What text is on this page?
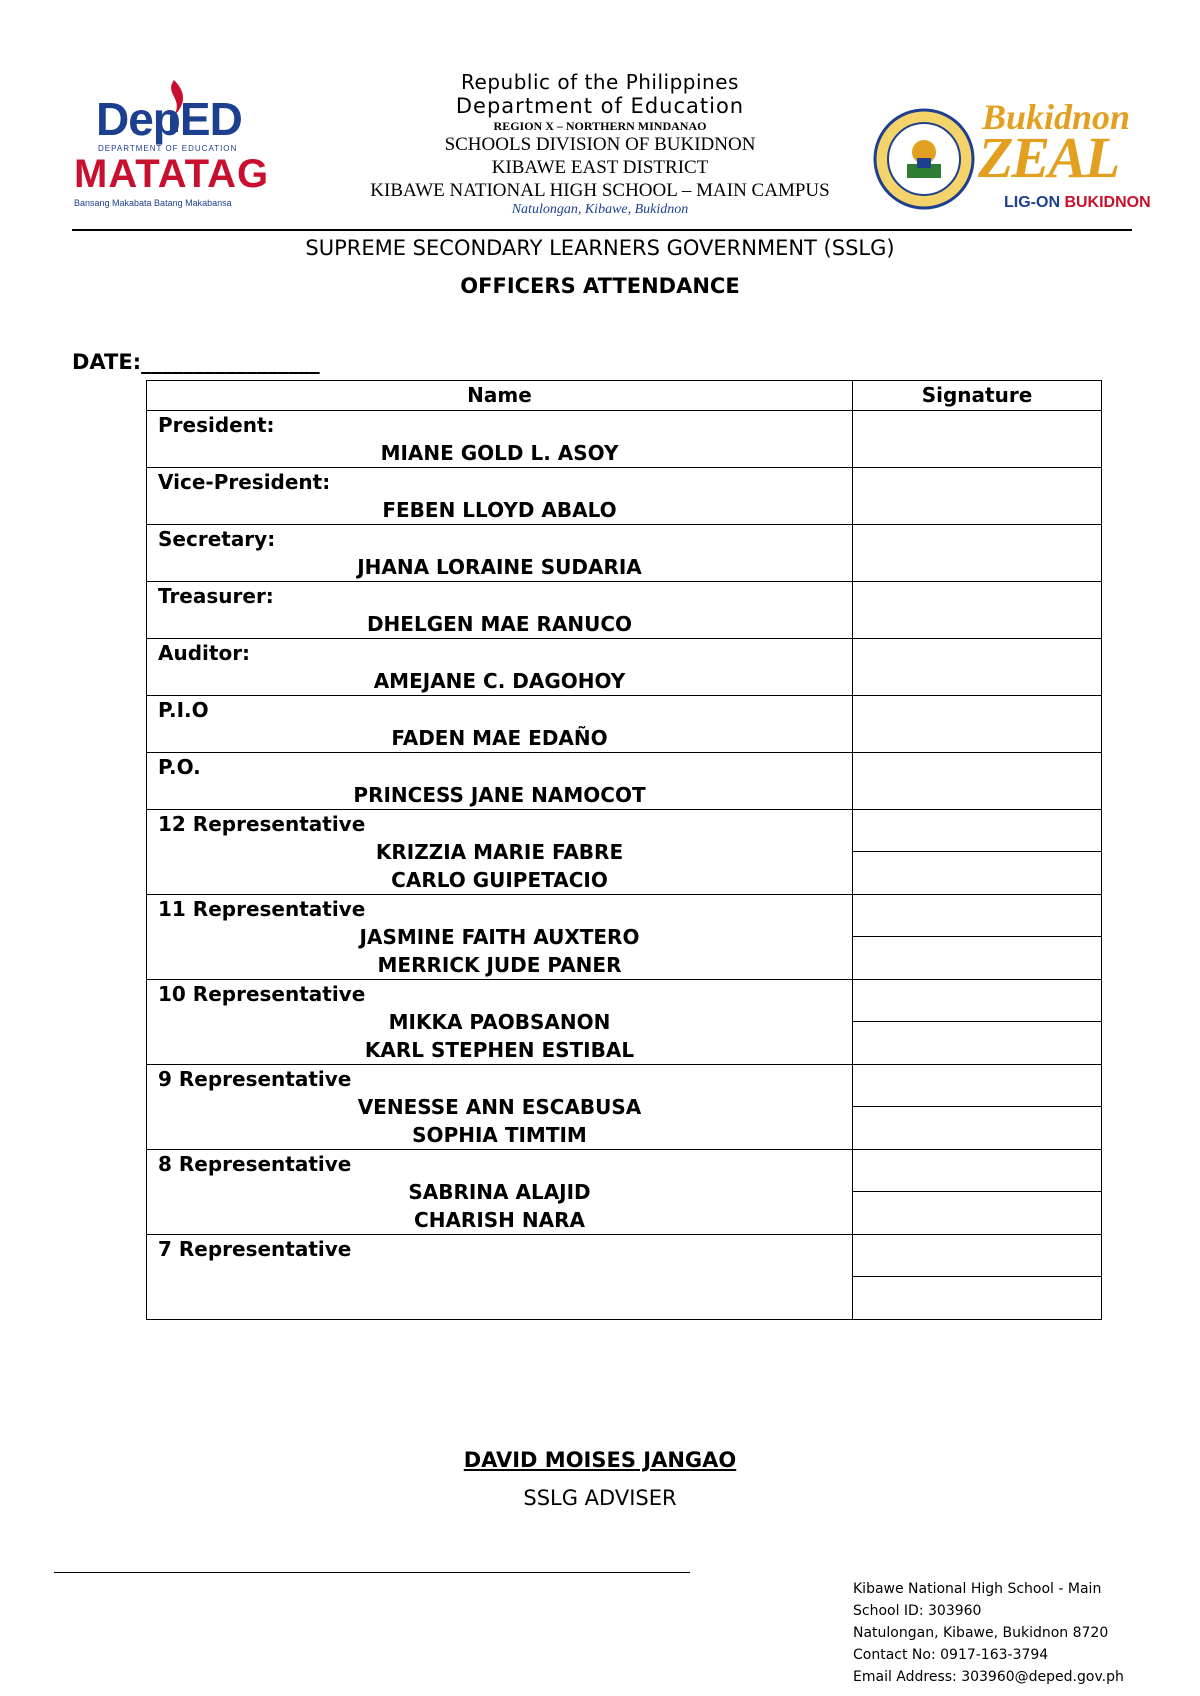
DepED
DEPARTMENT OF EDUCATION
MATATAG
Bansang Makabata Batang Makabansa
Republic of the Philippines
Department of Education
REGION X – NORTHERN MINDANAO
SCHOOLS DIVISION OF BUKIDNON
KIBAWE EAST DISTRICT
KIBAWE NATIONAL HIGH SCHOOL – MAIN CAMPUS
Natulongan, Kibawe, Bukidnon
Bukidnon
ZEAL
LIG-ON BUKIDNON
SUPREME SECONDARY LEARNERS GOVERNMENT (SSLG)
OFFICERS ATTENDANCE
DATE:_________________
Name	Signature

President:
MIANE GOLD L. ASOY	

Vice-President:
FEBEN LLOYD ABALO	

Secretary:
JHANA LORAINE SUDARIA	

Treasurer:
DHELGEN MAE RANUCO	

Auditor:
AMEJANE C. DAGOHOY	

P.I.O
FADEN MAE EDAÑO	

P.O.
PRINCESS JANE NAMOCOT	

12 Representative
KRIZZIA MARIE FABRE
CARLO GUIPETACIO	

11 Representative
JASMINE FAITH AUXTERO
MERRICK JUDE PANER	

10 Representative
MIKKA PAOBSANON
KARL STEPHEN ESTIBAL	

9 Representative
VENESSE ANN ESCABUSA
SOPHIA TIMTIM	

8 Representative
SABRINA ALAJID
CHARISH NARA	

7 Representative	

DAVID MOISES JANGAO
SSLG ADVISER
Kibawe National High School - Main
School ID: 303960
Natulongan, Kibawe, Bukidnon 8720
Contact No: 0917-163-3794
Email Address: 303960@deped.gov.ph
